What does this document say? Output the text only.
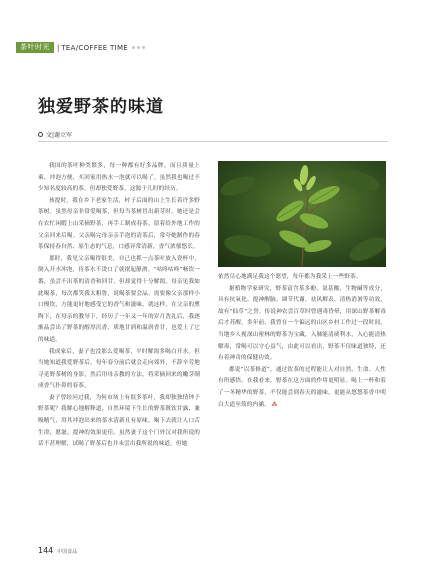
茶叶时光	| TEA/COFFEE TIME
独爱野茶的味道
文|谢立军

我国的茶叶种类繁多，每一种都有好多品牌，而且质量上乘、冲泡方便，买回家用热水一泡就可以喝了。虽然我也喝过不少知名度较高的茶，但却独爱野茶，这源于儿时的经历。

孩提时，我在乡下老家生活，村子后面的山上生长着许多野茶树。虽然母亲非常爱喝茶，但每当茶树冒出新芽时，她还是会在农忙闲暇上山采摘野茶，再手工制成春茶。留着给外地工作的父亲回来后喝。父亲喝完母亲亲手泡的清茶后，常夸她制作的春茶保持春自然、原生态的气息，口感异常清新，香气浓郁悠长。

那时，我见父亲喝得很美，自己也抓一点茶叶放入瓷杯中，倒入开水冲泡，待茶水不烫口了就抿起静酒。“咕咚咕咚”畅饮一番，虽尝不出茶的清香和回甘，但却觉得十分解渴。母亲见我如此喝茶，每次都笑我太粗鲁，说喝茶要会品。需要像父亲那样小口慢饮，方能更好地感受它的香气和滋味。就这样，在父亲的熏陶下，在母亲的教导下，经历了一年又一年的岁月洗礼后，我逐渐品尝出了野茶的醇厚沉香、质地甘润和温润香甘，也爱上了它的味道。

我成家后，妻子也没那么爱喝茶，平时解渴多喝白开水。但当她知道我爱野茶后，每年春分前后就会走向郊外，不辞辛劳地寻觅野茶树的身影，然后用母亲教的方法，将采摘回来的嫩芽制成香气扑鼻的春茶。

妻子曾经问过我，为何市场上有很多茶叶，我却独独情钟于野茶呢？我解心地解释道，自然环境下生长的野茶既饮甘露、兼吸精气，用其冲泡出来的茶水清新且有原味，喝下去就让人口舌生津，愿滋、提神的效果更佳。虽然妻子这个门外汉对我所说的话不甚理解，试喝了野茶后也并未尝出我所说的味道，但她

依然尽心地满足我这个愿望，每年都为我采上一些野茶。

据植物学家研究，野茶富含茶多酚、氨基酸、生物碱等成分，具有抗氧化、提神醒脑、调节代谢、祛风解表、清热消暑等功效，故有“仙草”之誉。传说神农尝百草时曾遇毒昏晕，用深山野茶解毒后才苏醒，多年前，我曾在一个偏远的山区乡村工作过一段时间，当地乡人视深山密林的野茶为宝藏，入肺能清痰利水，入心能清热解毒，常喝可以守心益气，由此可以看出，野茶不仅味道独特，还有着神奇的保健功效。

都说“以茶修道”，通过饮茶的过程能让人对自然、生命、人性有所感悟。在我看来，野茶在这方面的作用更明显。喝上一杯和着了一冬精华的野茶，不仅能尝到春天的滋味，更能从悠悠茶香中明白大道至简的内涵。 ⁂

144 中国食品
